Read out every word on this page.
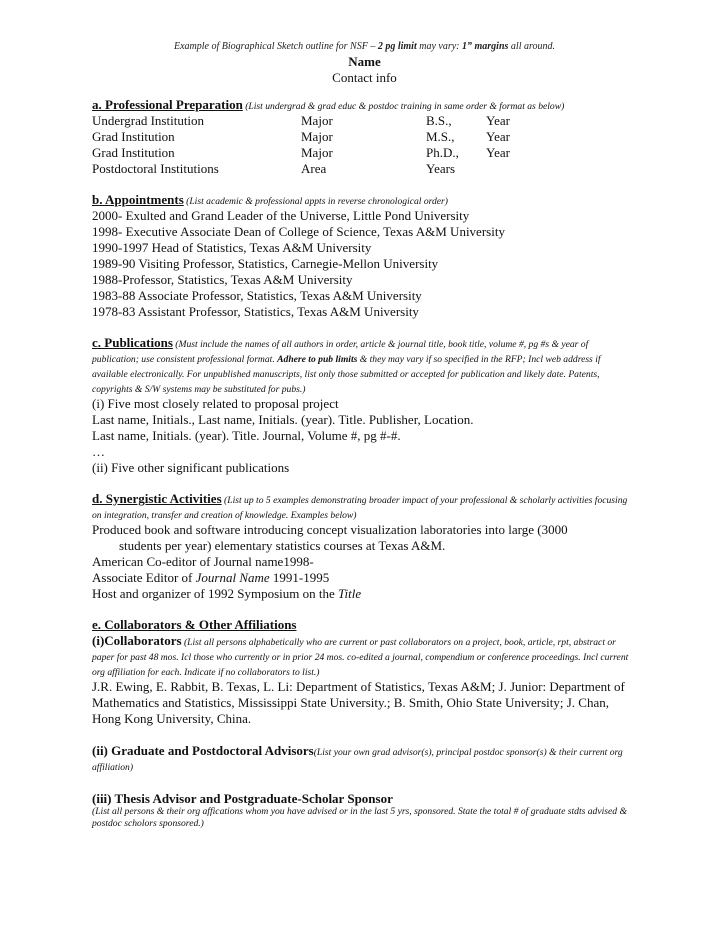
Example of Biographical Sketch outline for NSF – 2 pg limit may vary: 1” margins all around.
Name
Contact info
a. Professional Preparation (List undergrad & grad educ & postdoc training in same order & format as below)
Undergrad Institution	Major	B.S.,	Year
Grad Institution	Major	M.S.,	Year
Grad Institution	Major	Ph.D.,	Year
Postdoctoral Institutions	Area	Years
b. Appointments (List academic & professional appts in reverse chronological order)
2000- Exulted and Grand Leader of the Universe, Little Pond University
1998- Executive Associate Dean of College of Science, Texas A&M University
1990-1997 Head of Statistics, Texas A&M University
1989-90 Visiting Professor, Statistics, Carnegie-Mellon University
1988-Professor, Statistics, Texas A&M University
1983-88 Associate Professor, Statistics, Texas A&M University
1978-83 Assistant Professor, Statistics, Texas A&M University
c. Publications (Must include the names of all authors in order, article & journal title, book title, volume #, pg #s & year of publication; use consistent professional format. Adhere to pub limits & they may vary if so specified in the RFP; Incl web address if available electronically. For unpublished manuscripts, list only those submitted or accepted for publication and likely date. Patents, copyrights & S/W systems may be substituted for pubs.)
(i) Five most closely related to proposal project
Last name, Initials., Last name, Initials. (year). Title. Publisher, Location.
Last name, Initials. (year). Title. Journal, Volume #, pg #-#.
…
(ii) Five other significant publications
d. Synergistic Activities (List up to 5 examples demonstrating broader impact of your professional & scholarly activities focusing on integration, transfer and creation of knowledge. Examples below)
Produced book and software introducing concept visualization laboratories into large (3000
students per year) elementary statistics courses at Texas A&M.
American Co-editor of Journal name1998-
Associate Editor of Journal Name 1991-1995
Host and organizer of 1992 Symposium on the Title
e. Collaborators & Other Affiliations
(i)Collaborators (List all persons alphabetically who are current or past collaborators on a project, book, article, rpt, abstract or paper for past 48 mos. Icl those who currently or in prior 24 mos. co-edited a journal, compendium or conference proceedings. Incl current org affiliation for each. Indicate if no collaborators to list.)
J.R. Ewing, E. Rabbit, B. Texas, L. Li: Department of Statistics, Texas A&M; J. Junior: Department of Mathematics and Statistics, Mississippi State University.; B. Smith, Ohio State University; J. Chan, Hong Kong University, China.
(ii) Graduate and Postdoctoral Advisors(List your own grad advisor(s), principal postdoc sponsor(s) & their current org affiliation)
(iii) Thesis Advisor and Postgraduate-Scholar Sponsor
(List all persons & their org affications whom you have advised or in the last 5 yrs, sponsored. State the total # of graduate stdts advised & postdoc scholors sponsored.)
